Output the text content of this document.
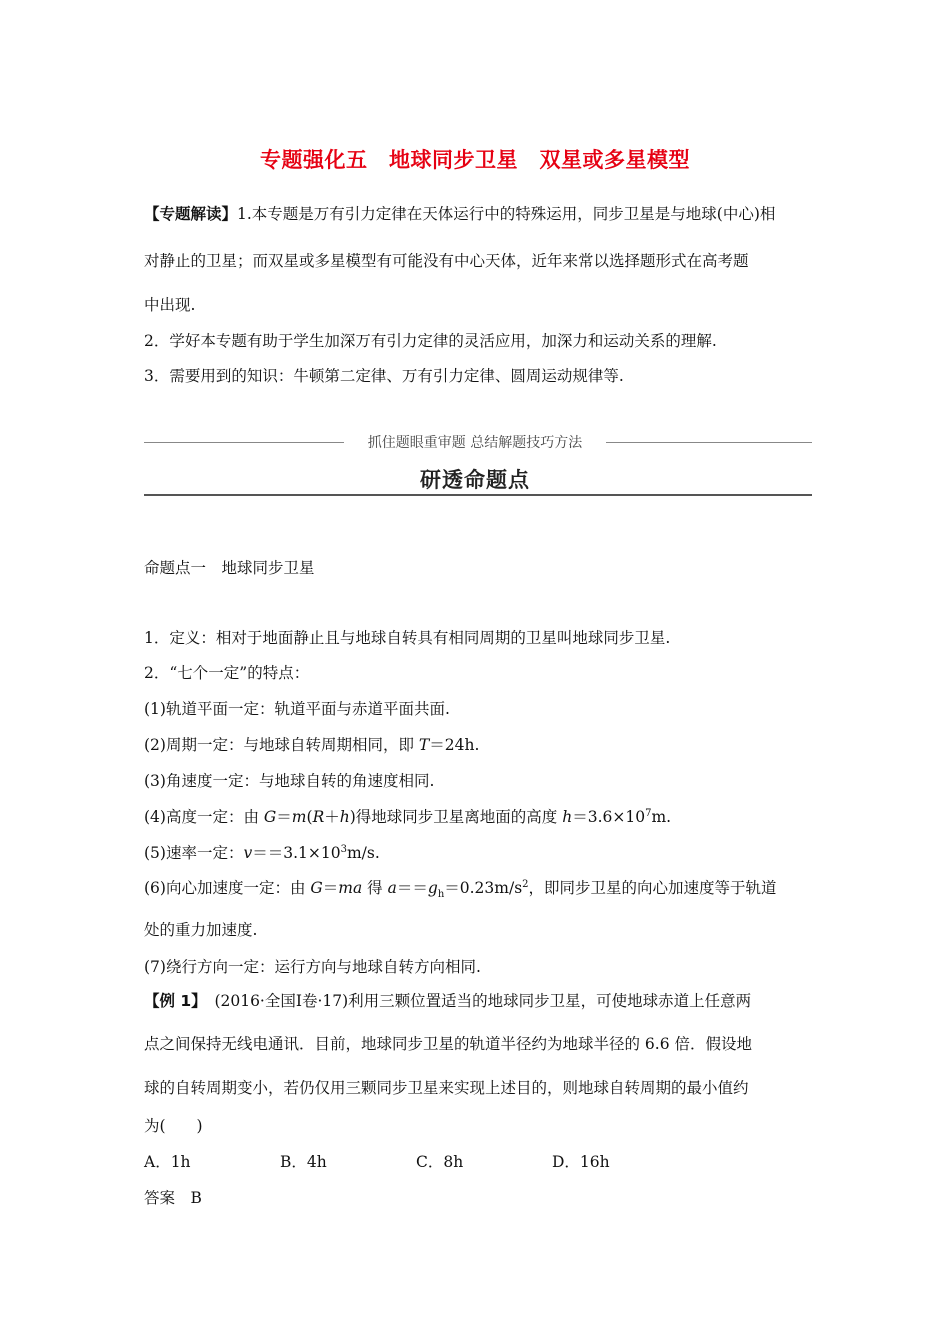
专题强化五　地球同步卫星　双星或多星模型
【专题解读】1.本专题是万有引力定律在天体运行中的特殊运用，同步卫星是与地球(中心)相
对静止的卫星；而双星或多星模型有可能没有中心天体，近年来常以选择题形式在高考题
中出现.
2．学好本专题有助于学生加深万有引力定律的灵活应用，加深力和运动关系的理解.
3．需要用到的知识：牛顿第二定律、万有引力定律、圆周运动规律等.
抓住题眼重审题 总结解题技巧方法
研透命题点
命题点一　地球同步卫星
1．定义：相对于地面静止且与地球自转具有相同周期的卫星叫地球同步卫星.
2．“七个一定”的特点：
(1)轨道平面一定：轨道平面与赤道平面共面.
(2)周期一定：与地球自转周期相同，即 T＝24h.
(3)角速度一定：与地球自转的角速度相同.
(4)高度一定：由 G＝m(R＋h)得地球同步卫星离地面的高度 $h=3.6\times 10^7m$.
(5)速率一定：$v==3.1\times 10^3m/s$.
(6)向心加速度一定：由 G＝ma 得 $a==g_h=0.23m/s^2$，即同步卫星的向心加速度等于轨道
处的重力加速度.
(7)绕行方向一定：运行方向与地球自转方向相同.
【例 1】　(2016·全国Ⅰ卷·17)利用三颗位置适当的地球同步卫星，可使地球赤道上任意两
点之间保持无线电通讯．目前，地球同步卫星的轨道半径约为地球半径的 6.6 倍．假设地
球的自转周期变小，若仍仅用三颗同步卫星来实现上述目的，则地球自转周期的最小值约
为(　　)
A．1h	B．4h	C．8h	D．16h
答案　B
